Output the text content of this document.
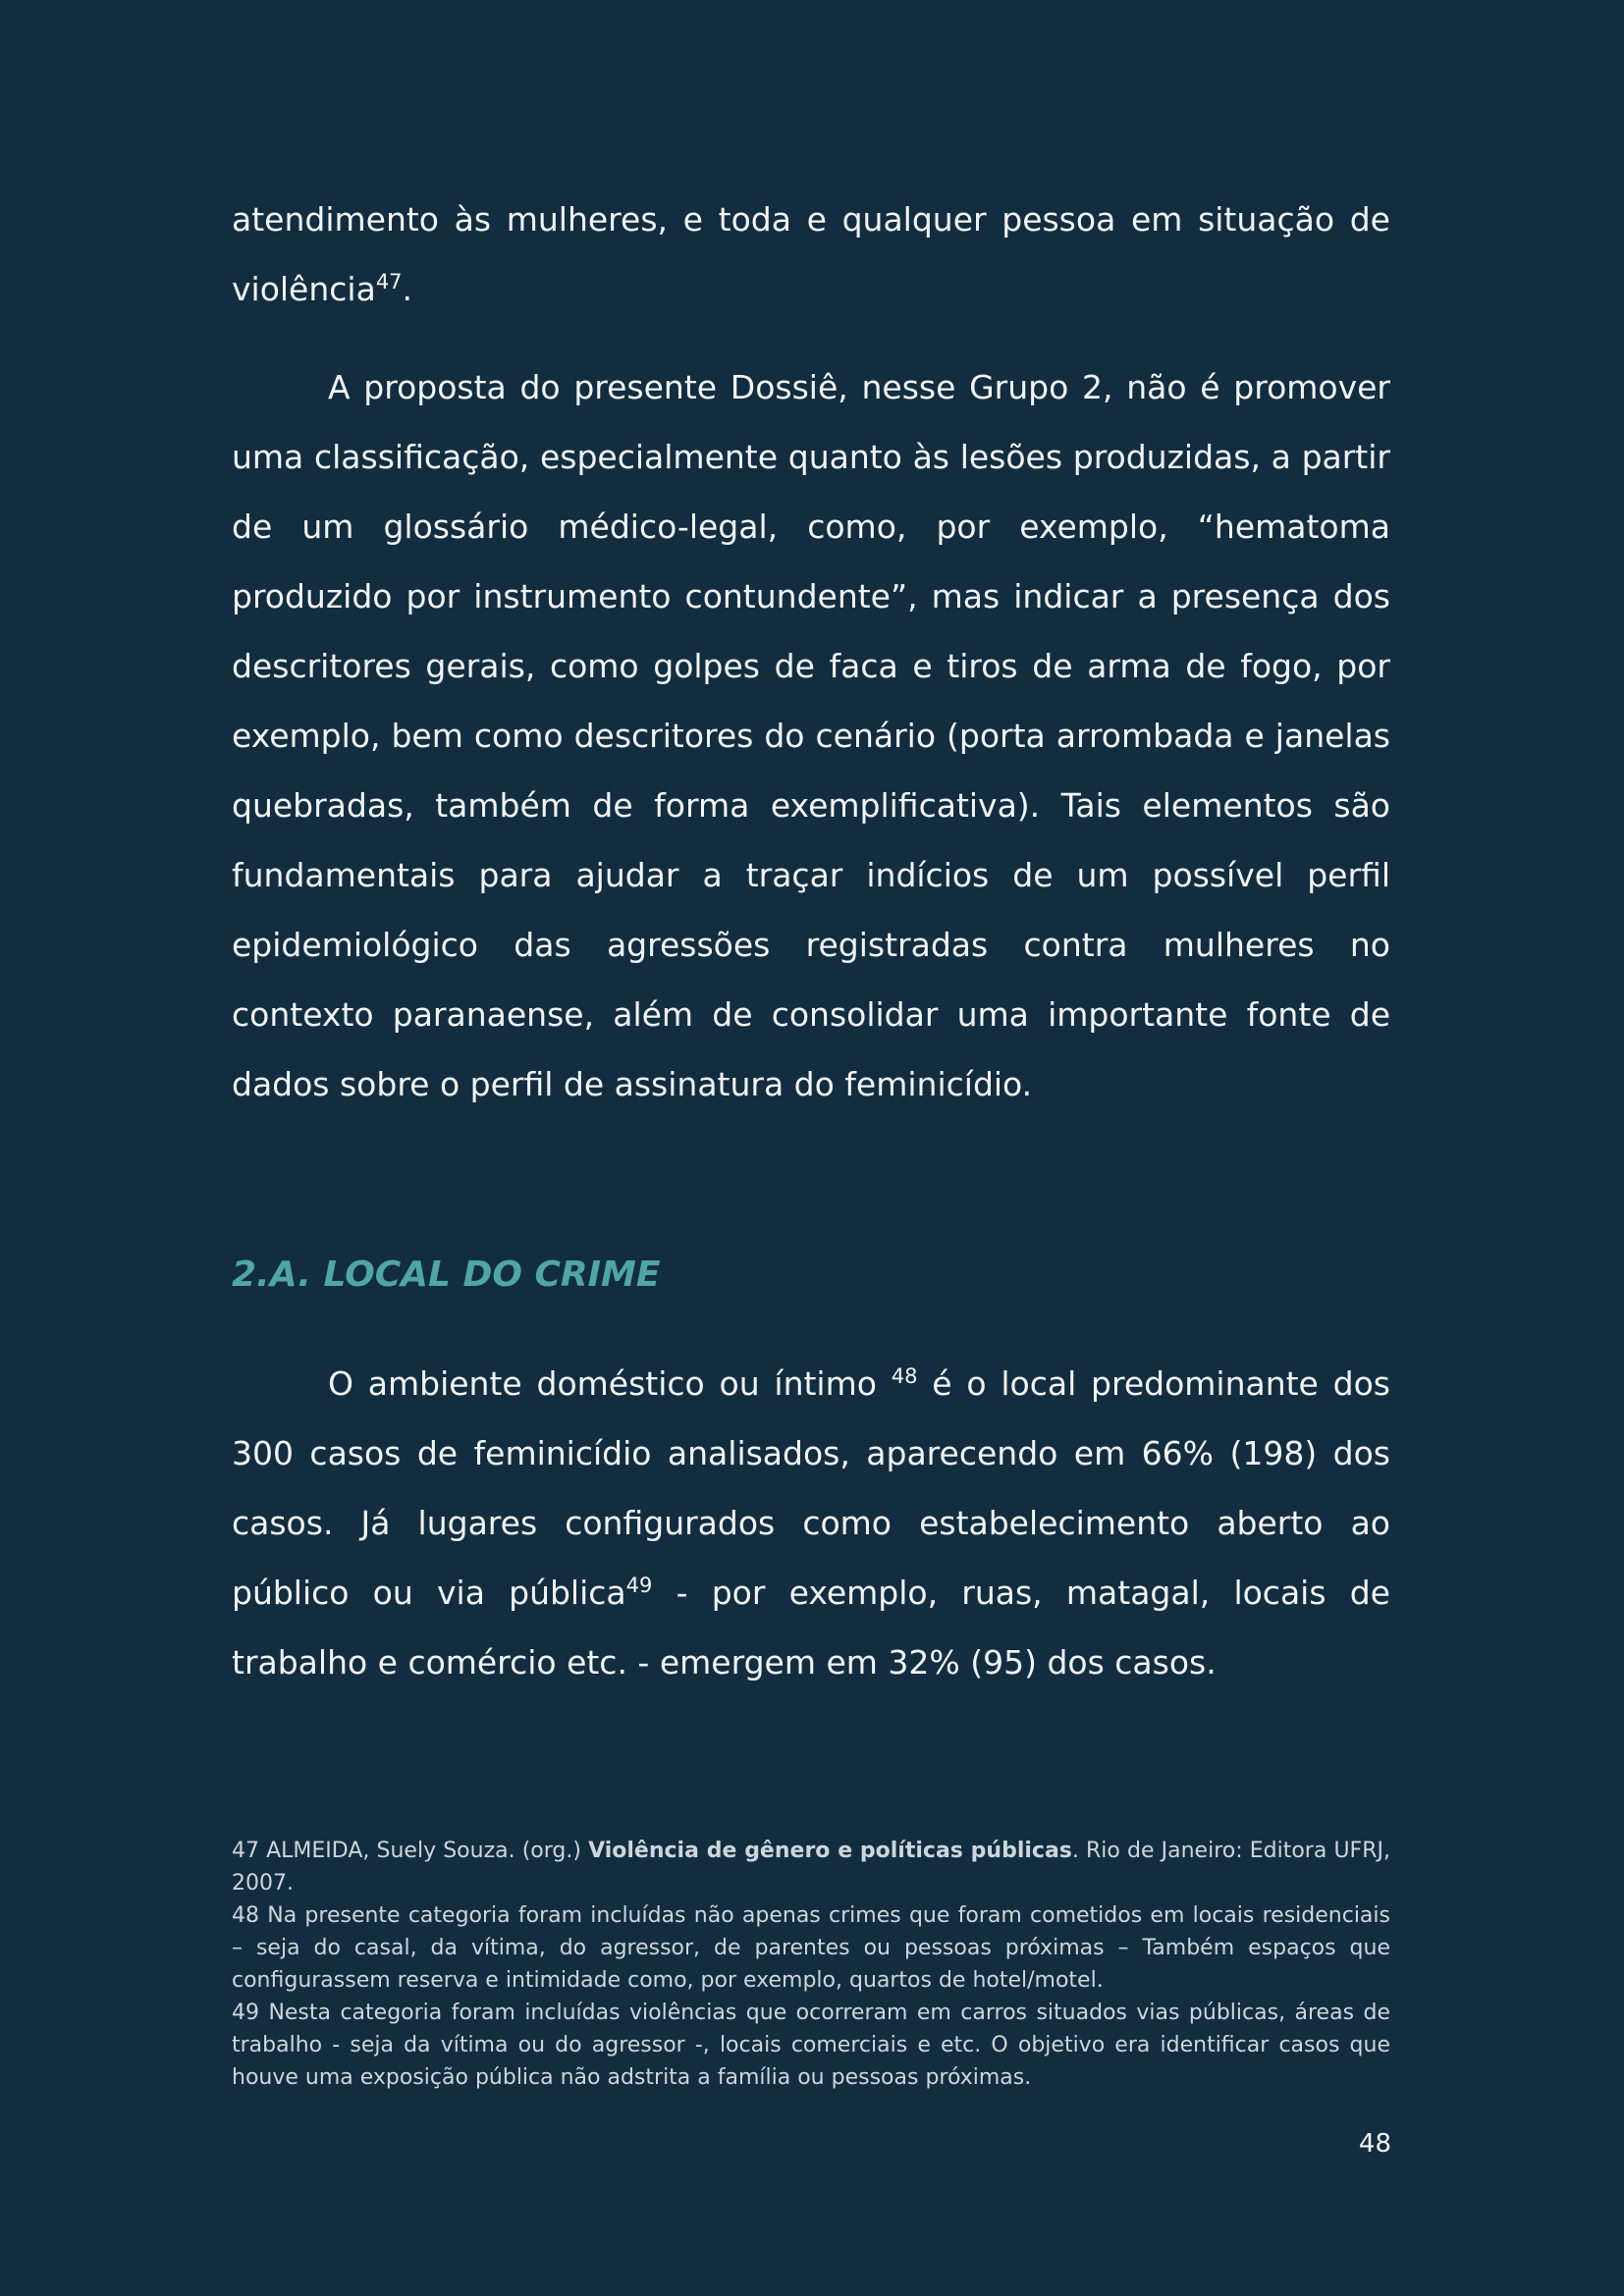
atendimento às mulheres, e toda e qualquer pessoa em situação de violência$^{47}$.

A proposta do presente Dossiê, nesse Grupo 2, não é promover uma classificação, especialmente quanto às lesões produzidas, a partir de um glossário médico-legal, como, por exemplo, “hematoma produzido por instrumento contundente”, mas indicar a presença dos descritores gerais, como golpes de faca e tiros de arma de fogo, por exemplo, bem como descritores do cenário (porta arrombada e janelas quebradas, também de forma exemplificativa). Tais elementos são fundamentais para ajudar a traçar indícios de um possível perfil epidemiológico das agressões registradas contra mulheres no contexto paranaense, além de consolidar uma importante fonte de dados sobre o perfil de assinatura do feminicídio.

2.A. LOCAL DO CRIME

O ambiente doméstico ou íntimo $^{48}$ é o local predominante dos 300 casos de feminicídio analisados, aparecendo em 66% (198) dos casos. Já lugares configurados como estabelecimento aberto ao público ou via pública$^{49}$ - por exemplo, ruas, matagal, locais de trabalho e comércio etc. - emergem em 32% (95) dos casos.

47 ALMEIDA, Suely Souza. (org.) Violência de gênero e políticas públicas. Rio de Janeiro: Editora UFRJ, 2007.

48 Na presente categoria foram incluídas não apenas crimes que foram cometidos em locais residenciais – seja do casal, da vítima, do agressor, de parentes ou pessoas próximas – Também espaços que configurassem reserva e intimidade como, por exemplo, quartos de hotel/motel.

49 Nesta categoria foram incluídas violências que ocorreram em carros situados vias públicas, áreas de trabalho - seja da vítima ou do agressor -, locais comerciais e etc. O objetivo era identificar casos que houve uma exposição pública não adstrita a família ou pessoas próximas.

48
